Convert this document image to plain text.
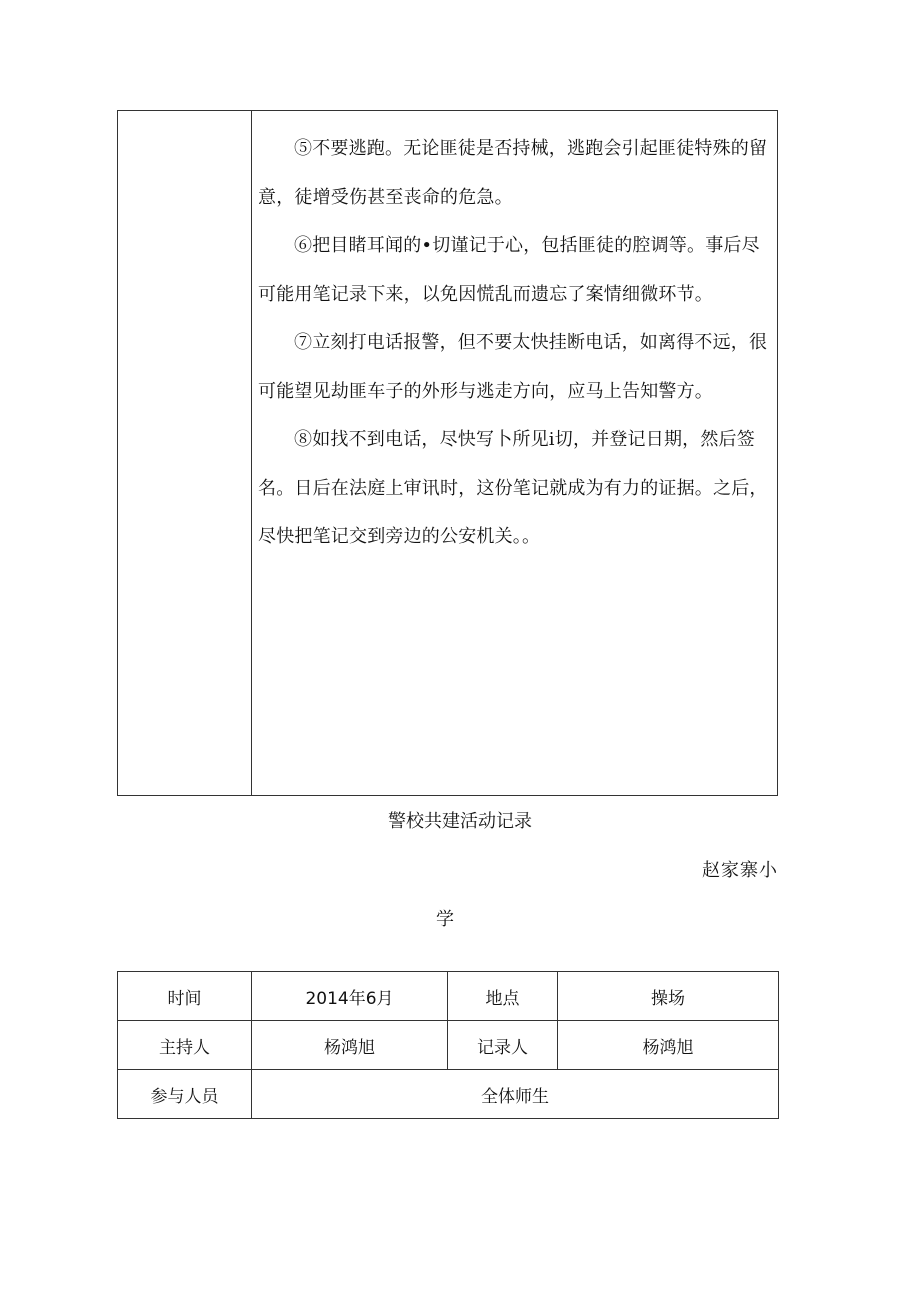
⑤不要逃跑。无论匪徒是否持械，逃跑会引起匪徒特殊的留意，徒增受伤甚至丧命的危急。

⑥把目睹耳闻的•切谨记于心，包括匪徒的腔调等。事后尽可能用笔记录下来，以免因慌乱而遗忘了案情细微环节。

⑦立刻打电话报警，但不要太快挂断电话，如离得不远，很可能望见劫匪车子的外形与逃走方向，应马上告知警方。

⑧如找不到电话，尽快写卜所见i切，并登记日期，然后签名。日后在法庭上审讯时，这份笔记就成为有力的证据。之后，尽快把笔记交到旁边的公安机关。。

警校共建活动记录
赵家寨小
学
时间	2014年6月	地点	操场
主持人	杨鸿旭	记录人	杨鸿旭
参与人员	全体师生		
